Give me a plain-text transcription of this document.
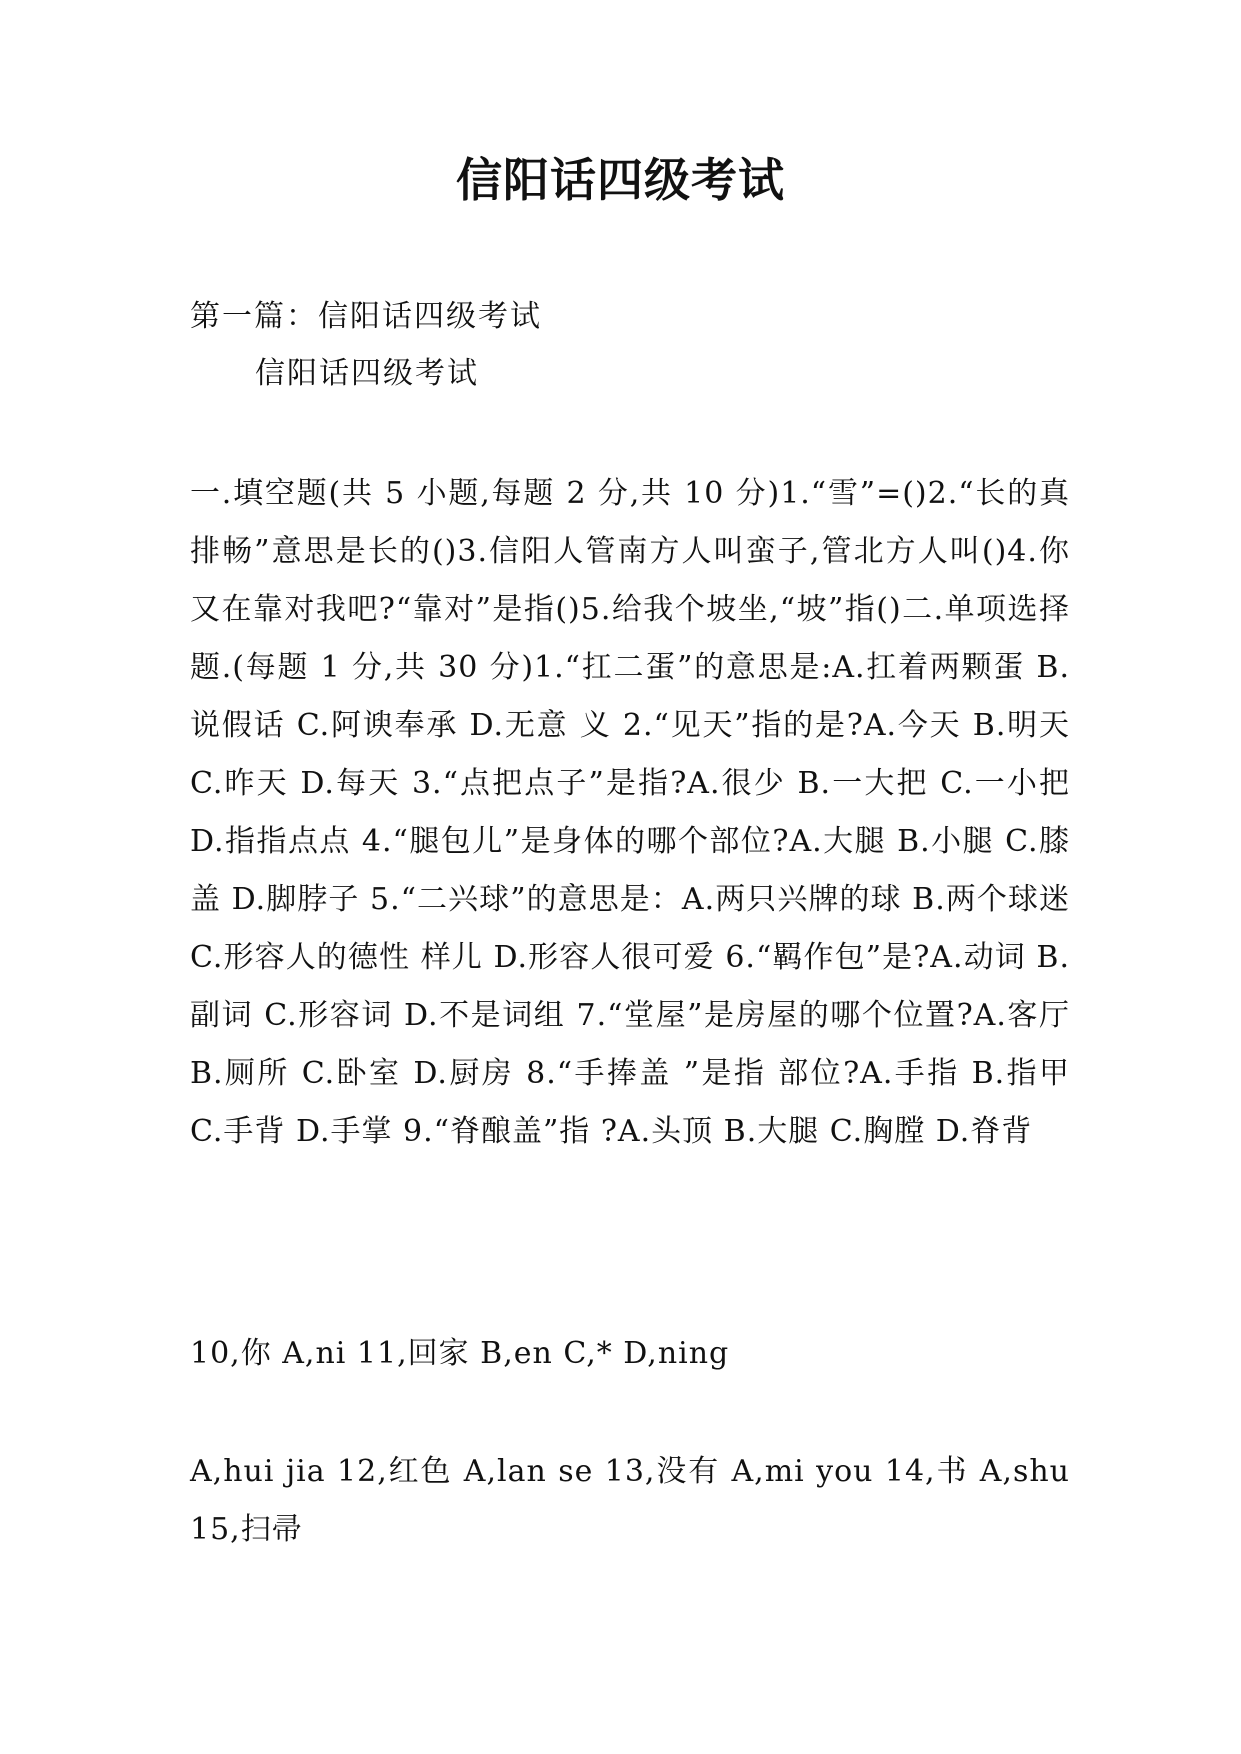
信阳话四级考试
第一篇：信阳话四级考试
信阳话四级考试
一.填空题(共 5 小题,每题 2 分,共 10 分)1.“雪”=()2.“长的真排畅”意思是长的()3.信阳人管南方人叫蛮子,管北方人叫()4.你又在靠对我吧?“靠对”是指()5.给我个坡坐,“坡”指()二.单项选择题.(每题 1 分,共 30 分)1.“扛二蛋”的意思是:A.扛着两颗蛋 B.说假话 C.阿谀奉承 D.无意 义 2.“见天”指的是?A.今天 B.明天 C.昨天 D.每天 3.“点把点子”是指?A.很少 B.一大把 C.一小把 D.指指点点 4.“腿包儿”是身体的哪个部位?A.大腿 B.小腿 C.膝盖 D.脚脖子 5.“二兴球”的意思是：A.两只兴牌的球 B.两个球迷 C.形容人的德性 样儿 D.形容人很可爱 6.“羁作包”是?A.动词 B.副词 C.形容词 D.不是词组 7.“堂屋”是房屋的哪个位置?A.客厅 B.厕所 C.卧室 D.厨房 8.“手捧盖 ”是指 部位?A.手指 B.指甲 C.手背 D.手掌 9.“脊酿盖”指 ?A.头顶 B.大腿 C.胸膛 D.脊背
10,你 A,ni 11,回家 B,en C,* D,ning
A,hui jia 12,红色 A,lan se 13,没有 A,mi you 14,书 A,shu 15,扫帚
